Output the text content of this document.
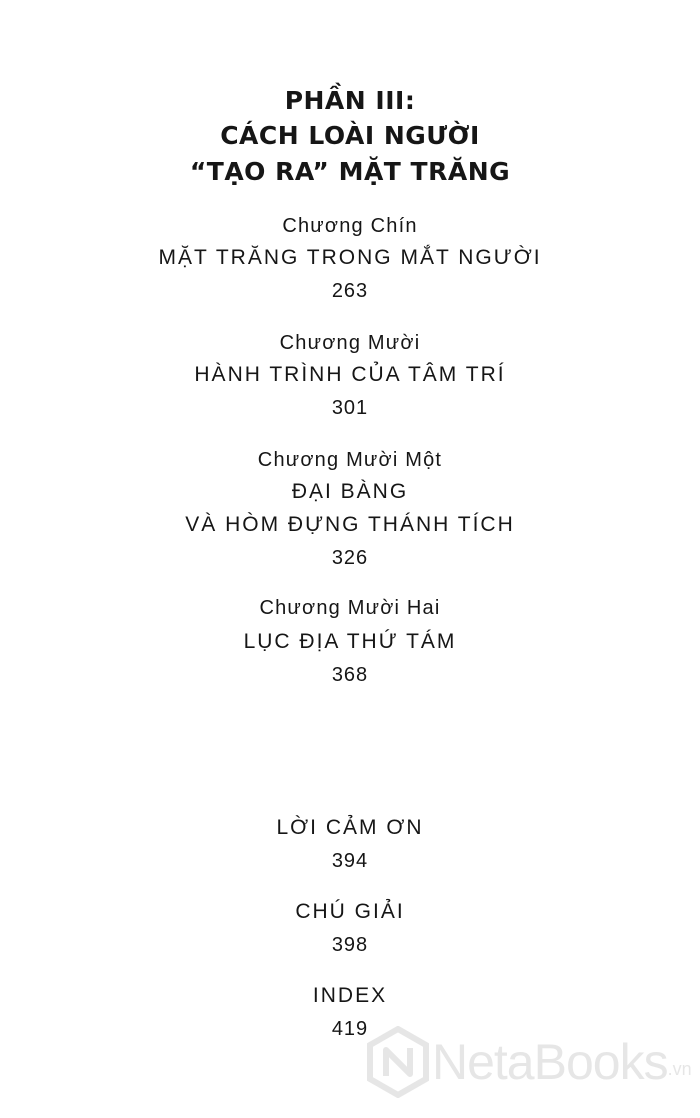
PHẦN III:
CÁCH LOÀI NGƯỜI
“TẠO RA” MẶT TRĂNG
Chương Chín
MẶT TRĂNG TRONG MẮT NGƯỜI
263
Chương Mười
HÀNH TRÌNH CỦA TÂM TRÍ
301
Chương Mười Một
ĐẠI BÀNG
VÀ HÒM ĐỰNG THÁNH TÍCH
326
Chương Mười Hai
LỤC ĐỊA THỨ TÁM
368
LỜI CẢM ƠN
394
CHÚ GIẢI
398
INDEX
419
NetaBooks .vn
